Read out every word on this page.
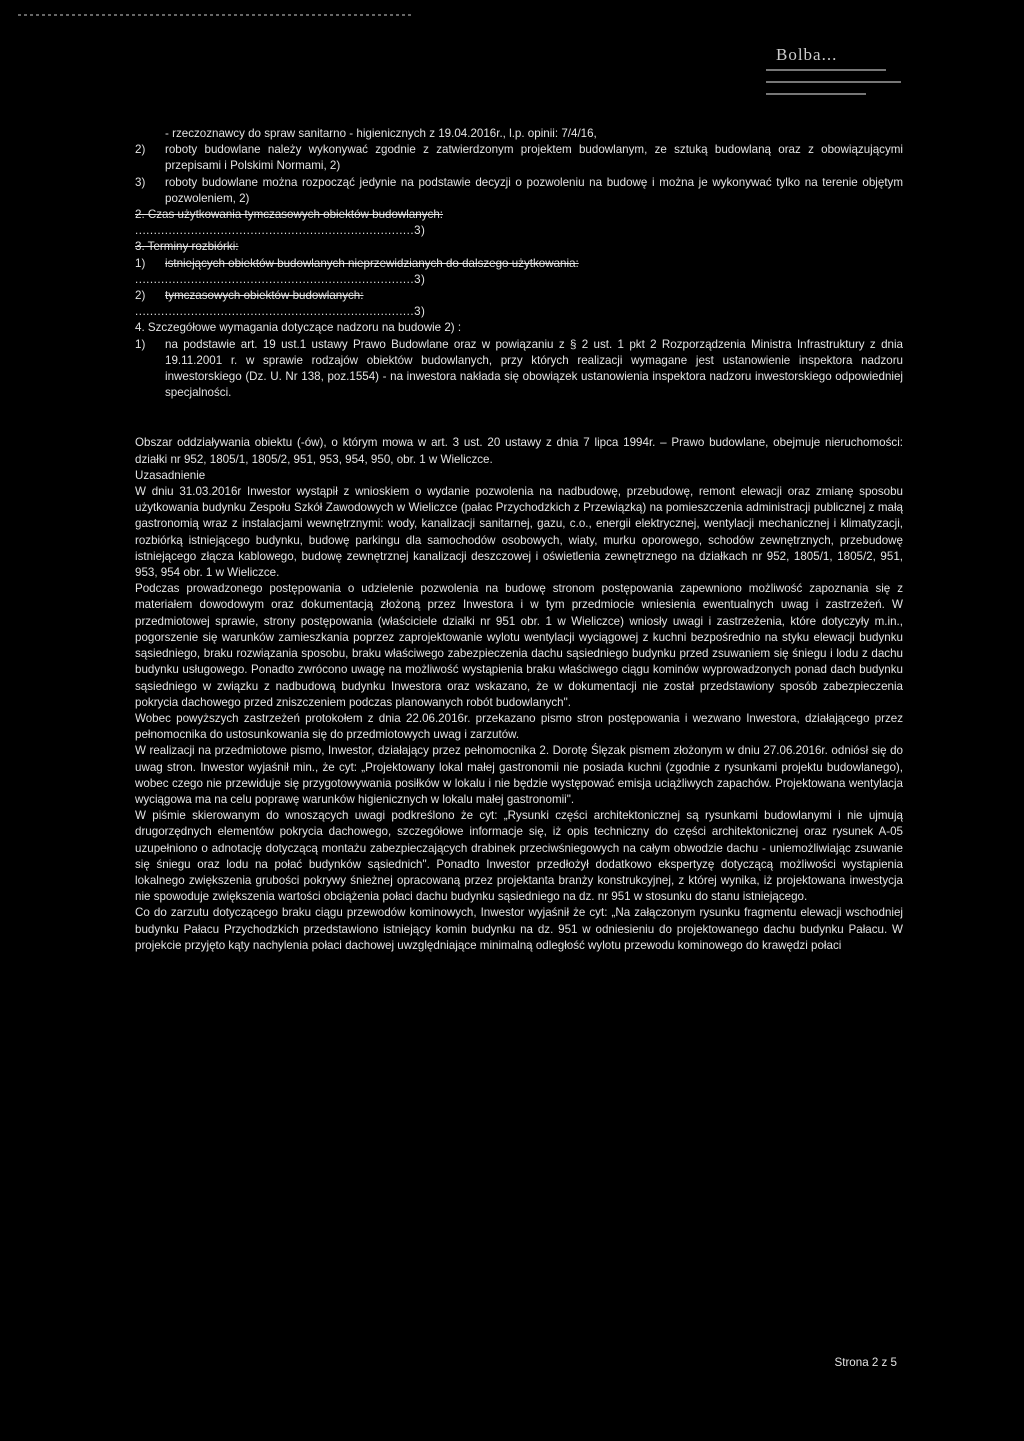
Bolba...

- rzeczoznawcy do spraw sanitarno - higienicznych z 19.04.2016r., l.p. opinii: 7/4/16,

2)	roboty budowlane należy wykonywać zgodnie z zatwierdzonym projektem budowlanym, ze sztuką budowlaną oraz z obowiązującymi przepisami i Polskimi Normami, 2)
3)	roboty budowlane można rozpocząć jedynie na podstawie decyzji o pozwoleniu na budowę i można je wykonywać tylko na terenie objętym pozwoleniem, 2)

2. Czas użytkowania tymczasowych obiektów budowlanych:

...........................................................................3)

3. Terminy rozbiórki:

1)	istniejących obiektów budowlanych nieprzewidzianych do dalszego użytkowania:

...........................................................................3)

2)	tymczasowych obiektów budowlanych:

...........................................................................3)

4. Szczegółowe wymagania dotyczące nadzoru na budowie 2) :

1)	na podstawie art. 19 ust.1 ustawy Prawo Budowlane oraz w powiązaniu z § 2 ust. 1 pkt 2 Rozporządzenia Ministra Infrastruktury z dnia 19.11.2001 r. w sprawie rodzajów obiektów budowlanych, przy których realizacji wymagane jest ustanowienie inspektora nadzoru inwestorskiego (Dz. U. Nr 138, poz.1554) - na inwestora nakłada się obowiązek ustanowienia inspektora nadzoru inwestorskiego odpowiedniej specjalności.

Obszar oddziaływania obiektu (-ów), o którym mowa w art. 3 ust. 20 ustawy z dnia 7 lipca 1994r. – Prawo budowlane, obejmuje nieruchomości: działki nr 952, 1805/1, 1805/2, 951, 953, 954, 950, obr. 1 w Wieliczce.

Uzasadnienie

W dniu 31.03.2016r Inwestor wystąpił z wnioskiem o wydanie pozwolenia na nadbudowę, przebudowę, remont elewacji oraz zmianę sposobu użytkowania budynku Zespołu Szkół Zawodowych w Wieliczce (pałac Przychodzkich z Przewiązką) na pomieszczenia administracji publicznej z małą gastronomią wraz z instalacjami wewnętrznymi: wody, kanalizacji sanitarnej, gazu, c.o., energii elektrycznej, wentylacji mechanicznej i klimatyzacji, rozbiórką istniejącego budynku, budowę parkingu dla samochodów osobowych, wiaty, murku oporowego, schodów zewnętrznych, przebudowę istniejącego złącza kablowego, budowę zewnętrznej kanalizacji deszczowej i oświetlenia zewnętrznego na działkach nr 952, 1805/1, 1805/2, 951, 953, 954 obr. 1 w Wieliczce.

Podczas prowadzonego postępowania o udzielenie pozwolenia na budowę stronom postępowania zapewniono możliwość zapoznania się z materiałem dowodowym oraz dokumentacją złożoną przez Inwestora i w tym przedmiocie wniesienia ewentualnych uwag i zastrzeżeń. W przedmiotowej sprawie, strony postępowania (właściciele działki nr 951 obr. 1 w Wieliczce) wniosły uwagi i zastrzeżenia, które dotyczyły m.in., pogorszenie się warunków zamieszkania poprzez zaprojektowanie wylotu wentylacji wyciągowej z kuchni bezpośrednio na styku elewacji budynku sąsiedniego, braku rozwiązania sposobu, braku właściwego zabezpieczenia dachu sąsiedniego budynku przed zsuwaniem się śniegu i lodu z dachu budynku usługowego. Ponadto zwrócono uwagę na możliwość wystąpienia braku właściwego ciągu kominów wyprowadzonych ponad dach budynku sąsiedniego w związku z nadbudową budynku Inwestora oraz wskazano, że w dokumentacji nie został przedstawiony sposób zabezpieczenia pokrycia dachowego przed zniszczeniem podczas planowanych robót budowlanych".

Wobec powyższych zastrzeżeń protokołem z dnia 22.06.2016r. przekazano pismo stron postępowania i wezwano Inwestora, działającego przez pełnomocnika do ustosunkowania się do przedmiotowych uwag i zarzutów.

W realizacji na przedmiotowe pismo, Inwestor, działający przez pełnomocnika 2. Dorotę Ślęzak pismem złożonym w dniu 27.06.2016r. odniósł się do uwag stron. Inwestor wyjaśnił min., że cyt: „Projektowany lokal małej gastronomii nie posiada kuchni (zgodnie z rysunkami projektu budowlanego), wobec czego nie przewiduje się przygotowywania posiłków w lokalu i nie będzie występować emisja uciążliwych zapachów. Projektowana wentylacja wyciągowa ma na celu poprawę warunków higienicznych w lokalu małej gastronomii".

W piśmie skierowanym do wnoszących uwagi podkreślono że cyt: „Rysunki części architektonicznej są rysunkami budowlanymi i nie ujmują drugorzędnych elementów pokrycia dachowego, szczegółowe informacje się, iż opis techniczny do części architektonicznej oraz rysunek A-05 uzupełniono o adnotację dotyczącą montażu zabezpieczających drabinek przeciwśniegowych na całym obwodzie dachu - uniemożliwiając zsuwanie się śniegu oraz lodu na połać budynków sąsiednich". Ponadto Inwestor przedłożył dodatkowo ekspertyzę dotyczącą możliwości wystąpienia lokalnego zwiększenia grubości pokrywy śnieżnej opracowaną przez projektanta branży konstrukcyjnej, z której wynika, iż projektowana inwestycja nie spowoduje zwiększenia wartości obciążenia połaci dachu budynku sąsiedniego na dz. nr 951 w stosunku do stanu istniejącego.

Co do zarzutu dotyczącego braku ciągu przewodów kominowych, Inwestor wyjaśnił że cyt: „Na załączonym rysunku fragmentu elewacji wschodniej budynku Pałacu Przychodzkich przedstawiono istniejący komin budynku na dz. 951 w odniesieniu do projektowanego dachu budynku Pałacu. W projekcie przyjęto kąty nachylenia połaci dachowej uwzględniające minimalną odległość wylotu przewodu kominowego do krawędzi połaci

Strona 2 z 5
